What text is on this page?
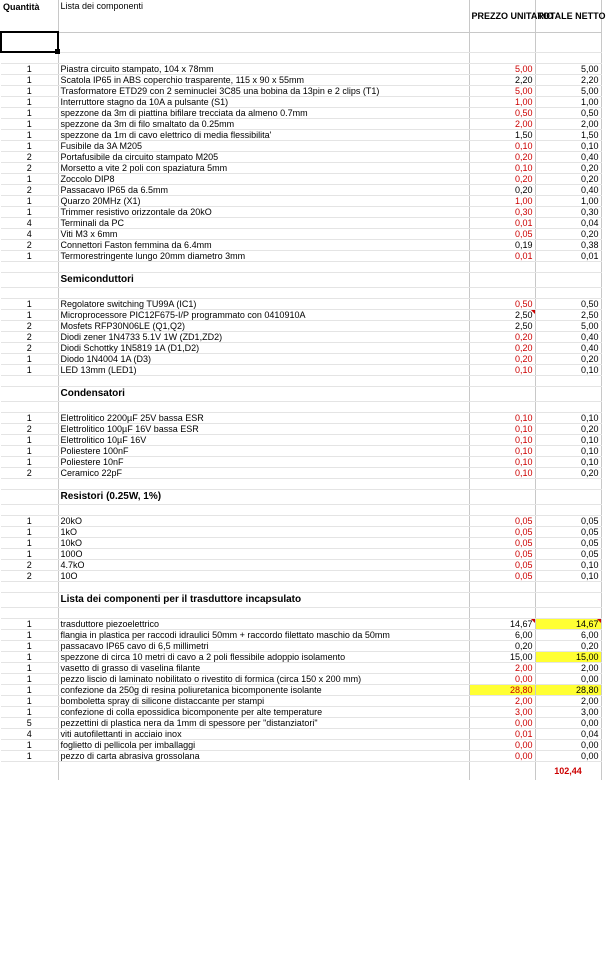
Quantità	Lista dei componenti	PREZZO UNITARIO	TOTALE NETTO

1	Piastra circuito stampato, 104 x 78mm	5,00	5,00
1	Scatola IP65 in ABS coperchio trasparente, 115 x 90 x 55mm	2,20	2,20
1	Trasformatore ETD29 con 2 seminuclei 3C85 una bobina da 13pin e 2 clips (T1)	5,00	5,00
1	Interruttore stagno da 10A a pulsante (S1)	1,00	1,00
1	spezzone da 3m di piattina bifilare trecciata da almeno 0.7mm	0,50	0,50
1	spezzone da 3m di filo smaltato da 0.25mm	2,00	2,00
1	spezzone da 1m di cavo elettrico di media flessibilita'	1,50	1,50
1	Fusibile da 3A M205	0,10	0,10
2	Portafusibile da circuito stampato M205	0,20	0,40
2	Morsetto a vite 2 poli con spaziatura 5mm	0,10	0,20
1	Zoccolo DIP8	0,20	0,20
2	Passacavo IP65 da 6.5mm	0,20	0,40
1	Quarzo 20MHz (X1)	1,00	1,00
1	Trimmer resistivo orizzontale da 20kO	0,30	0,30
4	Terminali da PC	0,01	0,04
4	Viti M3 x 6mm	0,05	0,20
2	Connettori Faston femmina da 6.4mm	0,19	0,38
1	Termorestringente lungo 20mm diametro 3mm	0,01	0,01

	Semiconduttori		

1	Regolatore switching TU99A (IC1)	0,50	0,50
1	Microprocessore PIC12F675-I/P programmato con 0410910A	2,50	2,50
2	Mosfets RFP30N06LE (Q1,Q2)	2,50	5,00
2	Diodi zener 1N4733 5.1V 1W (ZD1,ZD2)	0,20	0,40
2	Diodi Schottky 1N5819 1A (D1,D2)	0,20	0,40
1	Diodo 1N4004 1A (D3)	0,20	0,20
1	LED 13mm (LED1)	0,10	0,10

	Condensatori		

1	Elettrolitico 2200µF 25V bassa ESR	0,10	0,10
2	Elettrolitico 100µF 16V bassa ESR	0,10	0,20
1	Elettrolitico 10µF 16V	0,10	0,10
1	Poliestere 100nF	0,10	0,10
1	Poliestere 10nF	0,10	0,10
2	Ceramico 22pF	0,10	0,20

	Resistori (0.25W, 1%)		

1	20kO	0,05	0,05
1	1kO	0,05	0,05
1	10kO	0,05	0,05
1	100O	0,05	0,05
2	4.7kO	0,05	0,10
2	10O	0,05	0,10

	Lista dei componenti per il trasduttore incapsulato		

1	trasduttore piezoelettrico	14,67	14,67
1	flangia in plastica per raccodi idraulici 50mm + raccordo filettato maschio da 50mm	6,00	6,00
1	passacavo IP65 cavo di 6,5 millimetri	0,20	0,20
1	spezzone di circa 10 metri di cavo a 2 poli flessibile adoppio isolamento	15,00	15,00
1	vasetto di grasso di vaselina filante	2,00	2,00
1	pezzo liscio di laminato nobilitato o rivestito di formica (circa 150 x 200 mm)	0,00	0,00
1	confezione da 250g di resina poliuretanica bicomponente isolante	28,80	28,80
1	bomboletta spray di silicone distaccante per stampi	2,00	2,00
1	confezione di colla epossidica bicomponente per alte temperature	3,00	3,00
5	pezzettini di plastica nera da 1mm di spessore per "distanziatori"	0,00	0,00
4	viti autofilettanti in acciaio inox	0,01	0,04
1	foglietto di pellicola per imballaggi	0,00	0,00
1	pezzo di carta abrasiva grossolana	0,00	0,00
			102,44
